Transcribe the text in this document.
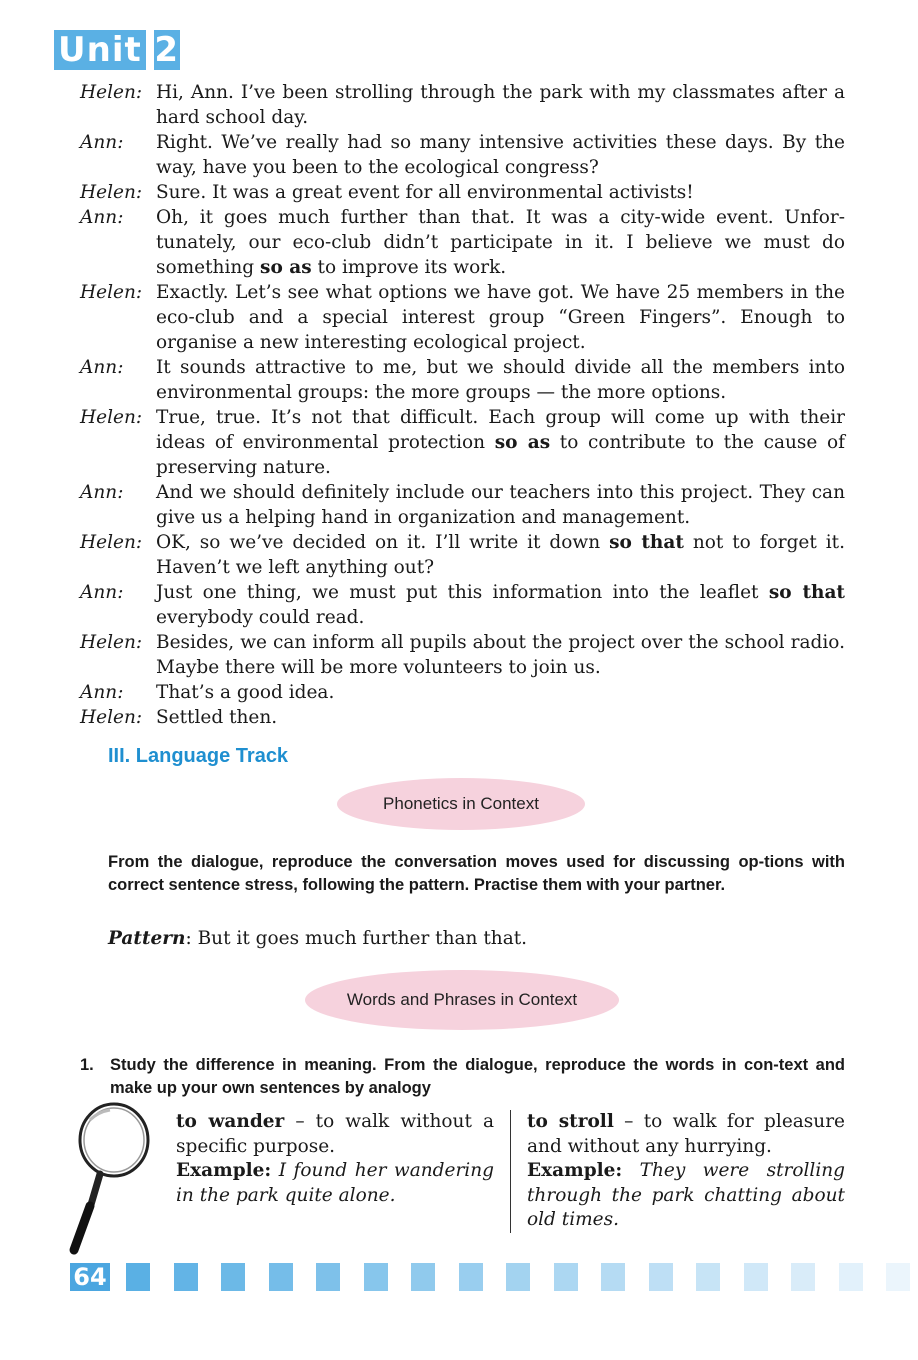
Unit 2
Helen: Hi, Ann. I’ve been strolling through the park with my classmates after a hard school day.
Ann:	Right. We’ve really had so many intensive activities these days. By the way, have you been to the ecological congress?
Helen: Sure. It was a great event for all environmental activists!
Ann:	Oh, it goes much further than that. It was a city-wide event. Unfor-tunately, our eco-club didn’t participate in it. I believe we must do something so as to improve its work.
Helen: Exactly. Let’s see what options we have got. We have 25 members in the eco-club and a special interest group “Green Fingers”. Enough to organise a new interesting ecological project.
Ann:	It sounds attractive to me, but we should divide all the members into environmental groups: the more groups — the more options.
Helen: True, true. It’s not that difficult. Each group will come up with their ideas of environmental protection so as to contribute to the cause of preserving nature.
Ann:	And we should definitely include our teachers into this project. They can give us a helping hand in organization and management.
Helen: OK, so we’ve decided on it. I’ll write it down so that not to forget it. Haven’t we left anything out?
Ann:	Just one thing, we must put this information into the leaflet so that everybody could read.
Helen: Besides, we can inform all pupils about the project over the school radio. Maybe there will be more volunteers to join us.
Ann:	That’s a good idea.
Helen: Settled then.
III. Language Track
Phonetics in Context
From the dialogue, reproduce the conversation moves used for discussing op-tions with correct sentence stress, following the pattern. Practise them with your partner.
Pattern: But it goes much further than that.
Words and Phrases in Context
1. Study the difference in meaning. From the dialogue, reproduce the words in con-text and make up your own sentences by analogy
to wander – to walk without a specific purpose.
Example: I found her wandering in the park quite alone.
to stroll – to walk for pleasure and without any hurrying.
Example: They were strolling through the park chatting about old times.
64
